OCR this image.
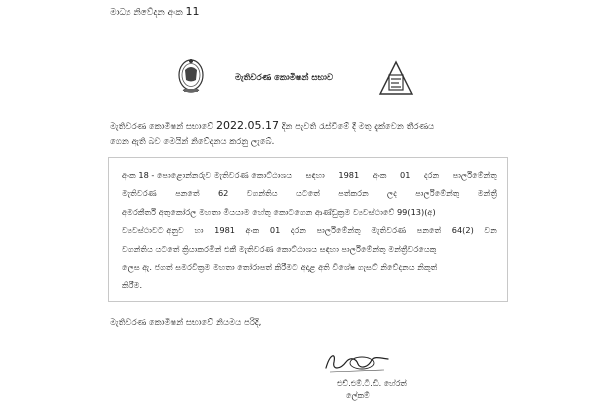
මාධ්‍ය නිවේදන අංක 11
මැතිවරණ කොමිෂන් සභාව
මැතිවරණ කොමිෂන් සභාවේ 2022.05.17 දින පැවති රැස්වීමේ දී මතු දැක්වෙන තීරණය
ගෙන ඇති බව මෙයින් නිවේදනය කරනු ලැබේ.
අංක 18 - පොළොන්නරුව මැතිවරණ කොට්ඨාශය සඳහා 1981 අංක 01 දරන පාර්ලිමේන්තු
මැතිවරණ පනතේ 62 වගන්තිය යටතේ පත්කරන ලද පාර්ලිමේන්තු මන්ත්‍රී
අමරකීර්ති අතුකෝරල මහතා මියයාම හේතු කොටගෙන ආණ්ඩුක්‍රම ව්‍යවස්ථාවේ 99(13)(අ)
ව්‍යවස්ථාවට අනුව හා 1981 අංක 01 දරන පාර්ලිමේන්තු මැතිවරණ පනතේ 64(2) වන
වගන්තිය යටතේ ක්‍රියාකරමින් එකී මැතිවරණ කොට්ඨාශය සඳහා පාර්ලිමේන්තු මන්ත්‍රීවරයෙකු
ලෙස ඇ. ජගත් සමරවික්‍රම මහතා තෝරාපත් කිරීමට අදාළ අති විශේෂ ගැසට් නිවේදනය නිකුත්
කිරීම.
මැතිවරණ කොමිෂන් සභාවේ නියමය පරිදි,
එච්.එම්.ටී.ඩී. හේරත්
ලේකම්
